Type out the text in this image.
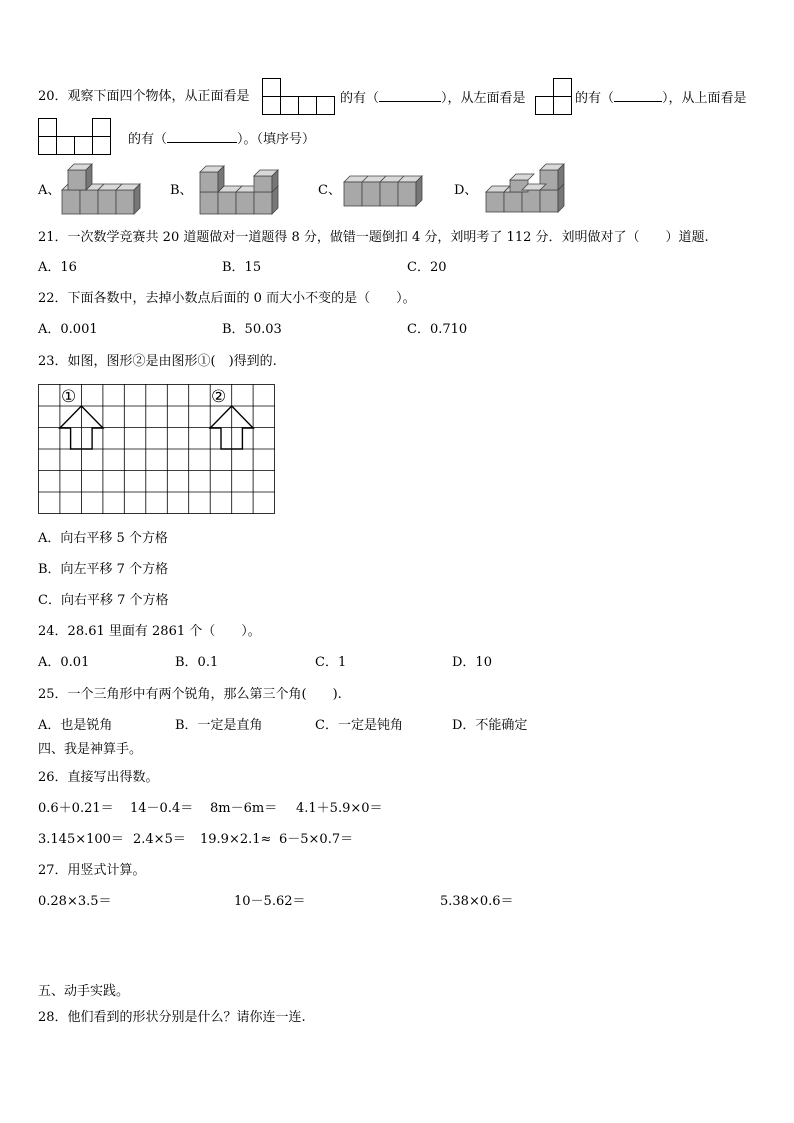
20．观察下面四个物体，从正面看是	的有（	），从左面看是	的有（	），从上面看是
的有（	）。（填序号）
A、	B、	C、	D、
21．一次数学竞赛共 20 道题做对一道题得 8 分，做错一题倒扣 4 分，刘明考了 112 分．刘明做对了（　　）道题.
A．16	B．15	C．20
22．下面各数中，去掉小数点后面的 0 而大小不变的是（　　）。
A．0.001	B．50.03	C．0.710
23．如图，图形②是由图形①(　)得到的.
①	②
A．向右平移 5 个方格
B．向左平移 7 个方格
C．向右平移 7 个方格
24．28.61 里面有 2861 个（　　）。
A．0.01	B．0.1	C．1	D．10
25．一个三角形中有两个锐角，那么第三个角(　　).
A．也是锐角	B．一定是直角	C．一定是钝角	D．不能确定
四、我是神算手。
26．直接写出得数。
0.6＋0.21＝ 14－0.4＝ 8m－6m＝ 4.1＋5.9×0＝
3.145×100＝ 2.4×5＝ 19.9×2.1≈ 6－5×0.7＝
27．用竖式计算。
0.28×3.5＝	10－5.62＝	5.38×0.6＝
五、动手实践。
28．他们看到的形状分别是什么？请你连一连.
